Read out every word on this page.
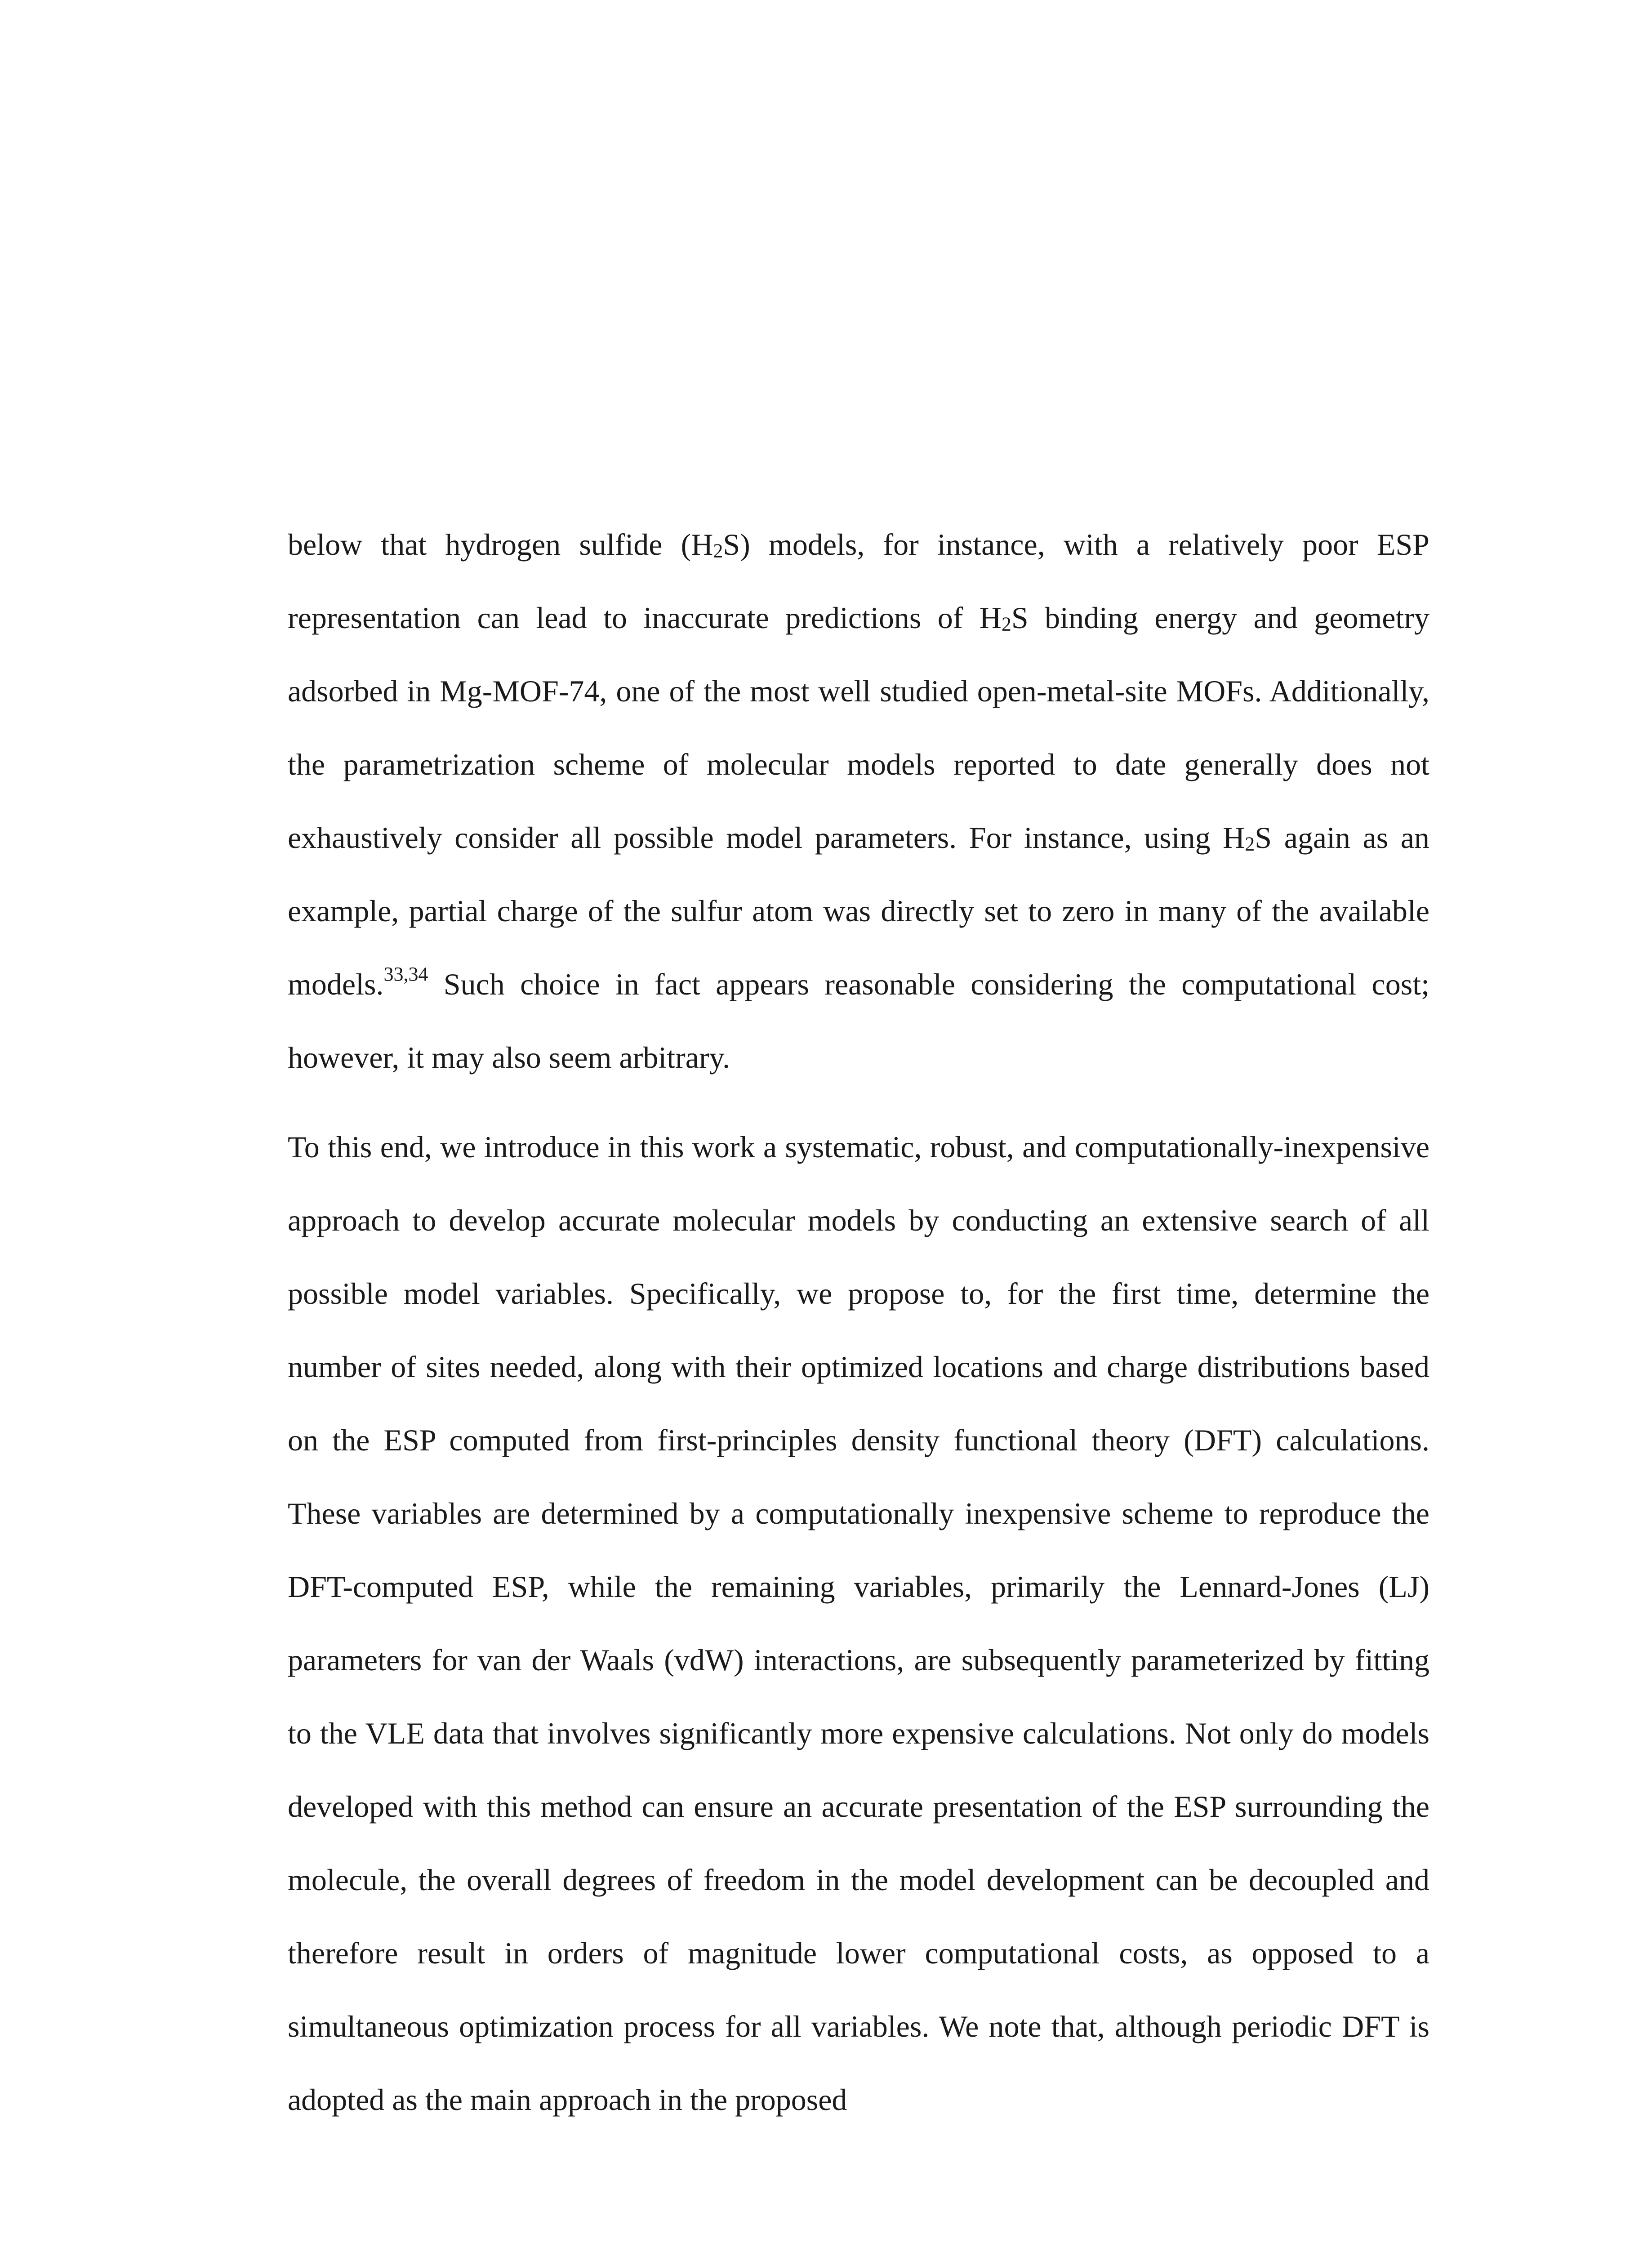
below that hydrogen sulfide (H2S) models, for instance, with a relatively poor ESP representation can lead to inaccurate predictions of H2S binding energy and geometry adsorbed in Mg-MOF-74, one of the most well studied open-metal-site MOFs. Additionally, the parametrization scheme of molecular models reported to date generally does not exhaustively consider all possible model parameters. For instance, using H2S again as an example, partial charge of the sulfur atom was directly set to zero in many of the available models.$^{33,34}$ Such choice in fact appears reasonable considering the computational cost; however, it may also seem arbitrary.

To this end, we introduce in this work a systematic, robust, and computationally-inexpensive approach to develop accurate molecular models by conducting an extensive search of all possible model variables. Specifically, we propose to, for the first time, determine the number of sites needed, along with their optimized locations and charge distributions based on the ESP computed from first-principles density functional theory (DFT) calculations. These variables are determined by a computationally inexpensive scheme to reproduce the DFT-computed ESP, while the remaining variables, primarily the Lennard-Jones (LJ) parameters for van der Waals (vdW) interactions, are subsequently parameterized by fitting to the VLE data that involves significantly more expensive calculations. Not only do models developed with this method can ensure an accurate presentation of the ESP surrounding the molecule, the overall degrees of freedom in the model development can be decoupled and therefore result in orders of magnitude lower computational costs, as opposed to a simultaneous optimization process for all variables. We note that, although periodic DFT is adopted as the main approach in the proposed
